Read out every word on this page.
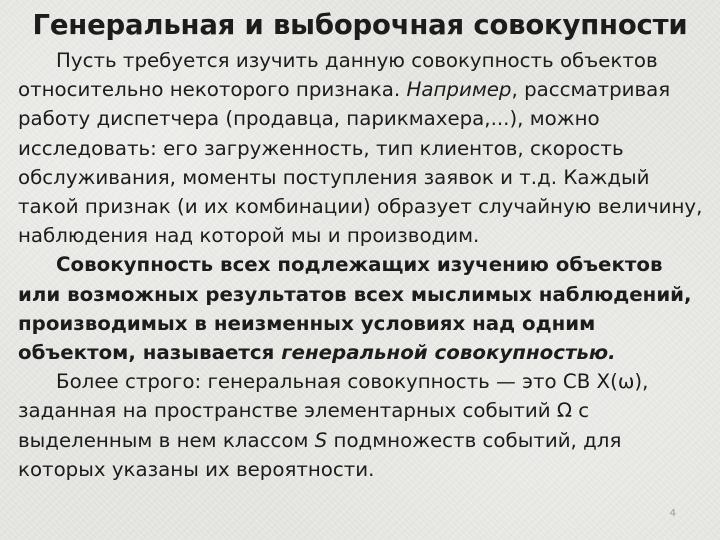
Генеральная и выборочная совокупности

Пусть требуется изучить данную совокупность объектов относительно некоторого признака. Например, рассматривая работу диспетчера (продавца, парикмахера,...), можно исследовать: его загруженность, тип клиентов, скорость обслуживания, моменты поступления заявок и т.д. Каждый такой признак (и их комбинации) образует случайную величину, наблюдения над которой мы и производим.

Совокупность всех подлежащих изучению объектов или возможных результатов всех мыслимых наблюдений, производимых в неизменных условиях над одним объектом, называется генеральной совокупностью.

Более строго: генеральная совокупность — это СВ X(ω), заданная на пространстве элементарных событий Ω с выделенным в нем классом S подмножеств событий, для которых указаны их вероятности.

4
